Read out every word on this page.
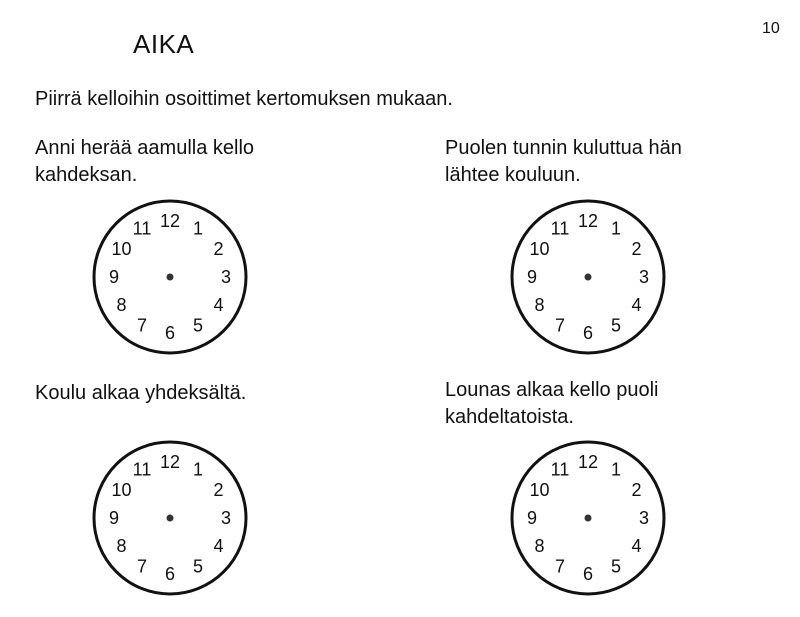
AIKA
10
Piirrä kelloihin osoittimet kertomuksen mukaan.

Anni herää aamulla kello
kahdeksan.

Puolen tunnin kuluttua hän
lähtee kouluun.

Koulu alkaa yhdeksältä.	Lounas alkaa kello puoli
kahdeltatoista.

12 1
2
3
4
5
6
7
8
9
10
11	12 1
2
3
4
5
6
7
8
9
10
11
12 1
2
3
4
5
6
7
8
9
10
11	12 1
2
3
4
5
6
7
8
9
10
11
